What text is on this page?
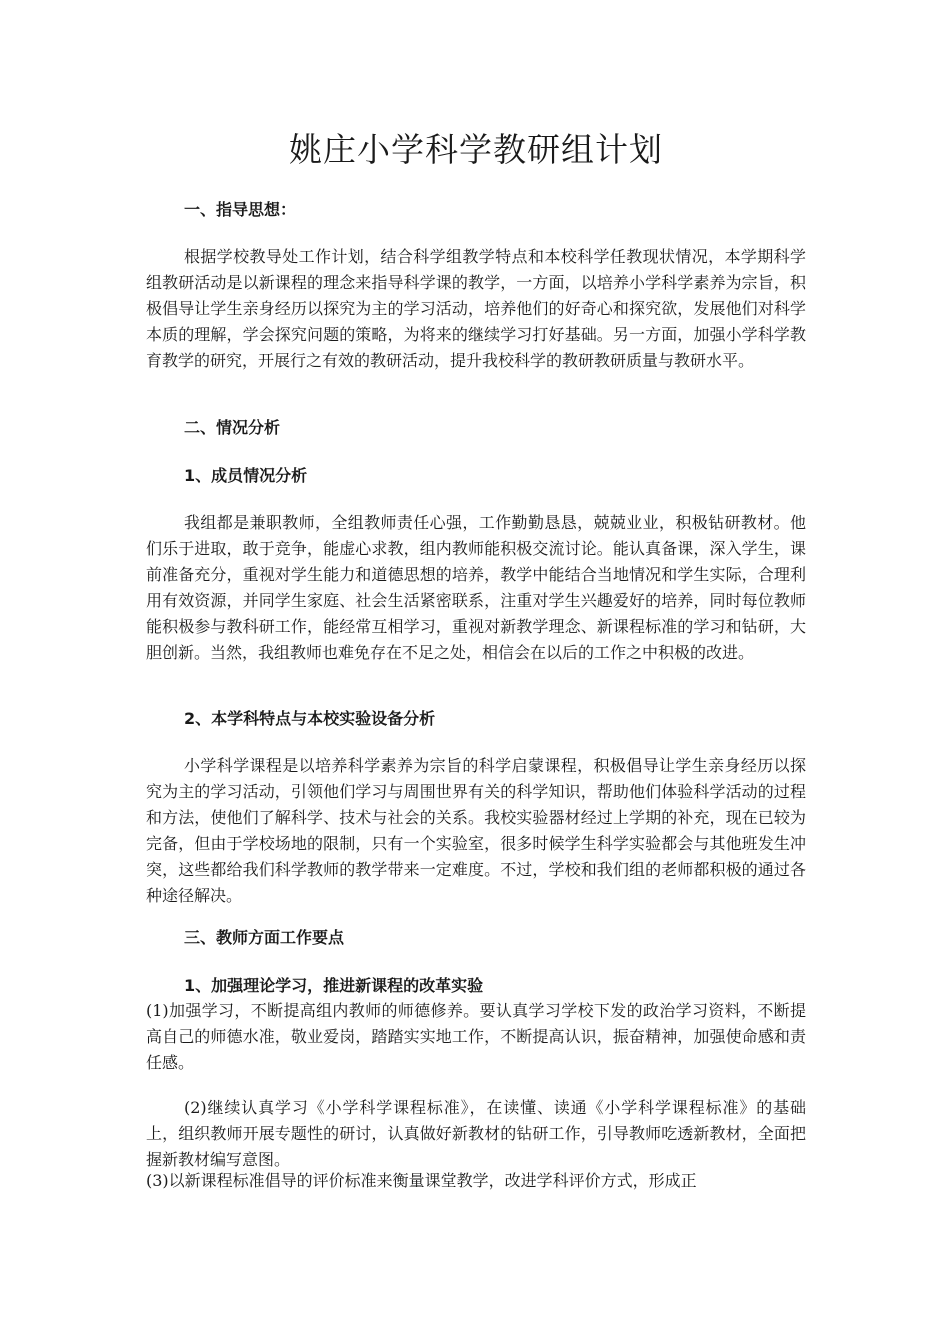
姚庄小学科学教研组计划

一、指导思想：

根据学校教导处工作计划，结合科学组教学特点和本校科学任教现状情况，本学期科学组教研活动是以新课程的理念来指导科学课的教学，一方面，以培养小学科学素养为宗旨，积极倡导让学生亲身经历以探究为主的学习活动，培养他们的好奇心和探究欲，发展他们对科学本质的理解，学会探究问题的策略，为将来的继续学习打好基础。另一方面，加强小学科学教育教学的研究，开展行之有效的教研活动，提升我校科学的教研教研质量与教研水平。

二、情况分析

1、成员情况分析

我组都是兼职教师，全组教师责任心强，工作勤勤恳恳，兢兢业业，积极钻研教材。他们乐于进取，敢于竞争，能虚心求教，组内教师能积极交流讨论。能认真备课，深入学生，课前准备充分，重视对学生能力和道德思想的培养，教学中能结合当地情况和学生实际，合理利用有效资源，并同学生家庭、社会生活紧密联系，注重对学生兴趣爱好的培养，同时每位教师能积极参与教科研工作，能经常互相学习，重视对新教学理念、新课程标准的学习和钻研，大胆创新。当然，我组教师也难免存在不足之处，相信会在以后的工作之中积极的改进。

2、本学科特点与本校实验设备分析

小学科学课程是以培养科学素养为宗旨的科学启蒙课程，积极倡导让学生亲身经历以探究为主的学习活动，引领他们学习与周围世界有关的科学知识，帮助他们体验科学活动的过程和方法，使他们了解科学、技术与社会的关系。我校实验器材经过上学期的补充，现在已较为完备，但由于学校场地的限制，只有一个实验室，很多时候学生科学实验都会与其他班发生冲突，这些都给我们科学教师的教学带来一定难度。不过，学校和我们组的老师都积极的通过各种途径解决。

三、教师方面工作要点

1、加强理论学习，推进新课程的改革实验

(1)加强学习，不断提高组内教师的师德修养。要认真学习学校下发的政治学习资料，不断提高自己的师德水准，敬业爱岗，踏踏实实地工作，不断提高认识，振奋精神，加强使命感和责任感。

(2)继续认真学习《小学科学课程标准》，在读懂、读通《小学科学课程标准》的基础上，组织教师开展专题性的研讨，认真做好新教材的钻研工作，引导教师吃透新教材，全面把握新教材编写意图。

(3)以新课程标准倡导的评价标准来衡量课堂教学，改进学科评价方式，形成正
